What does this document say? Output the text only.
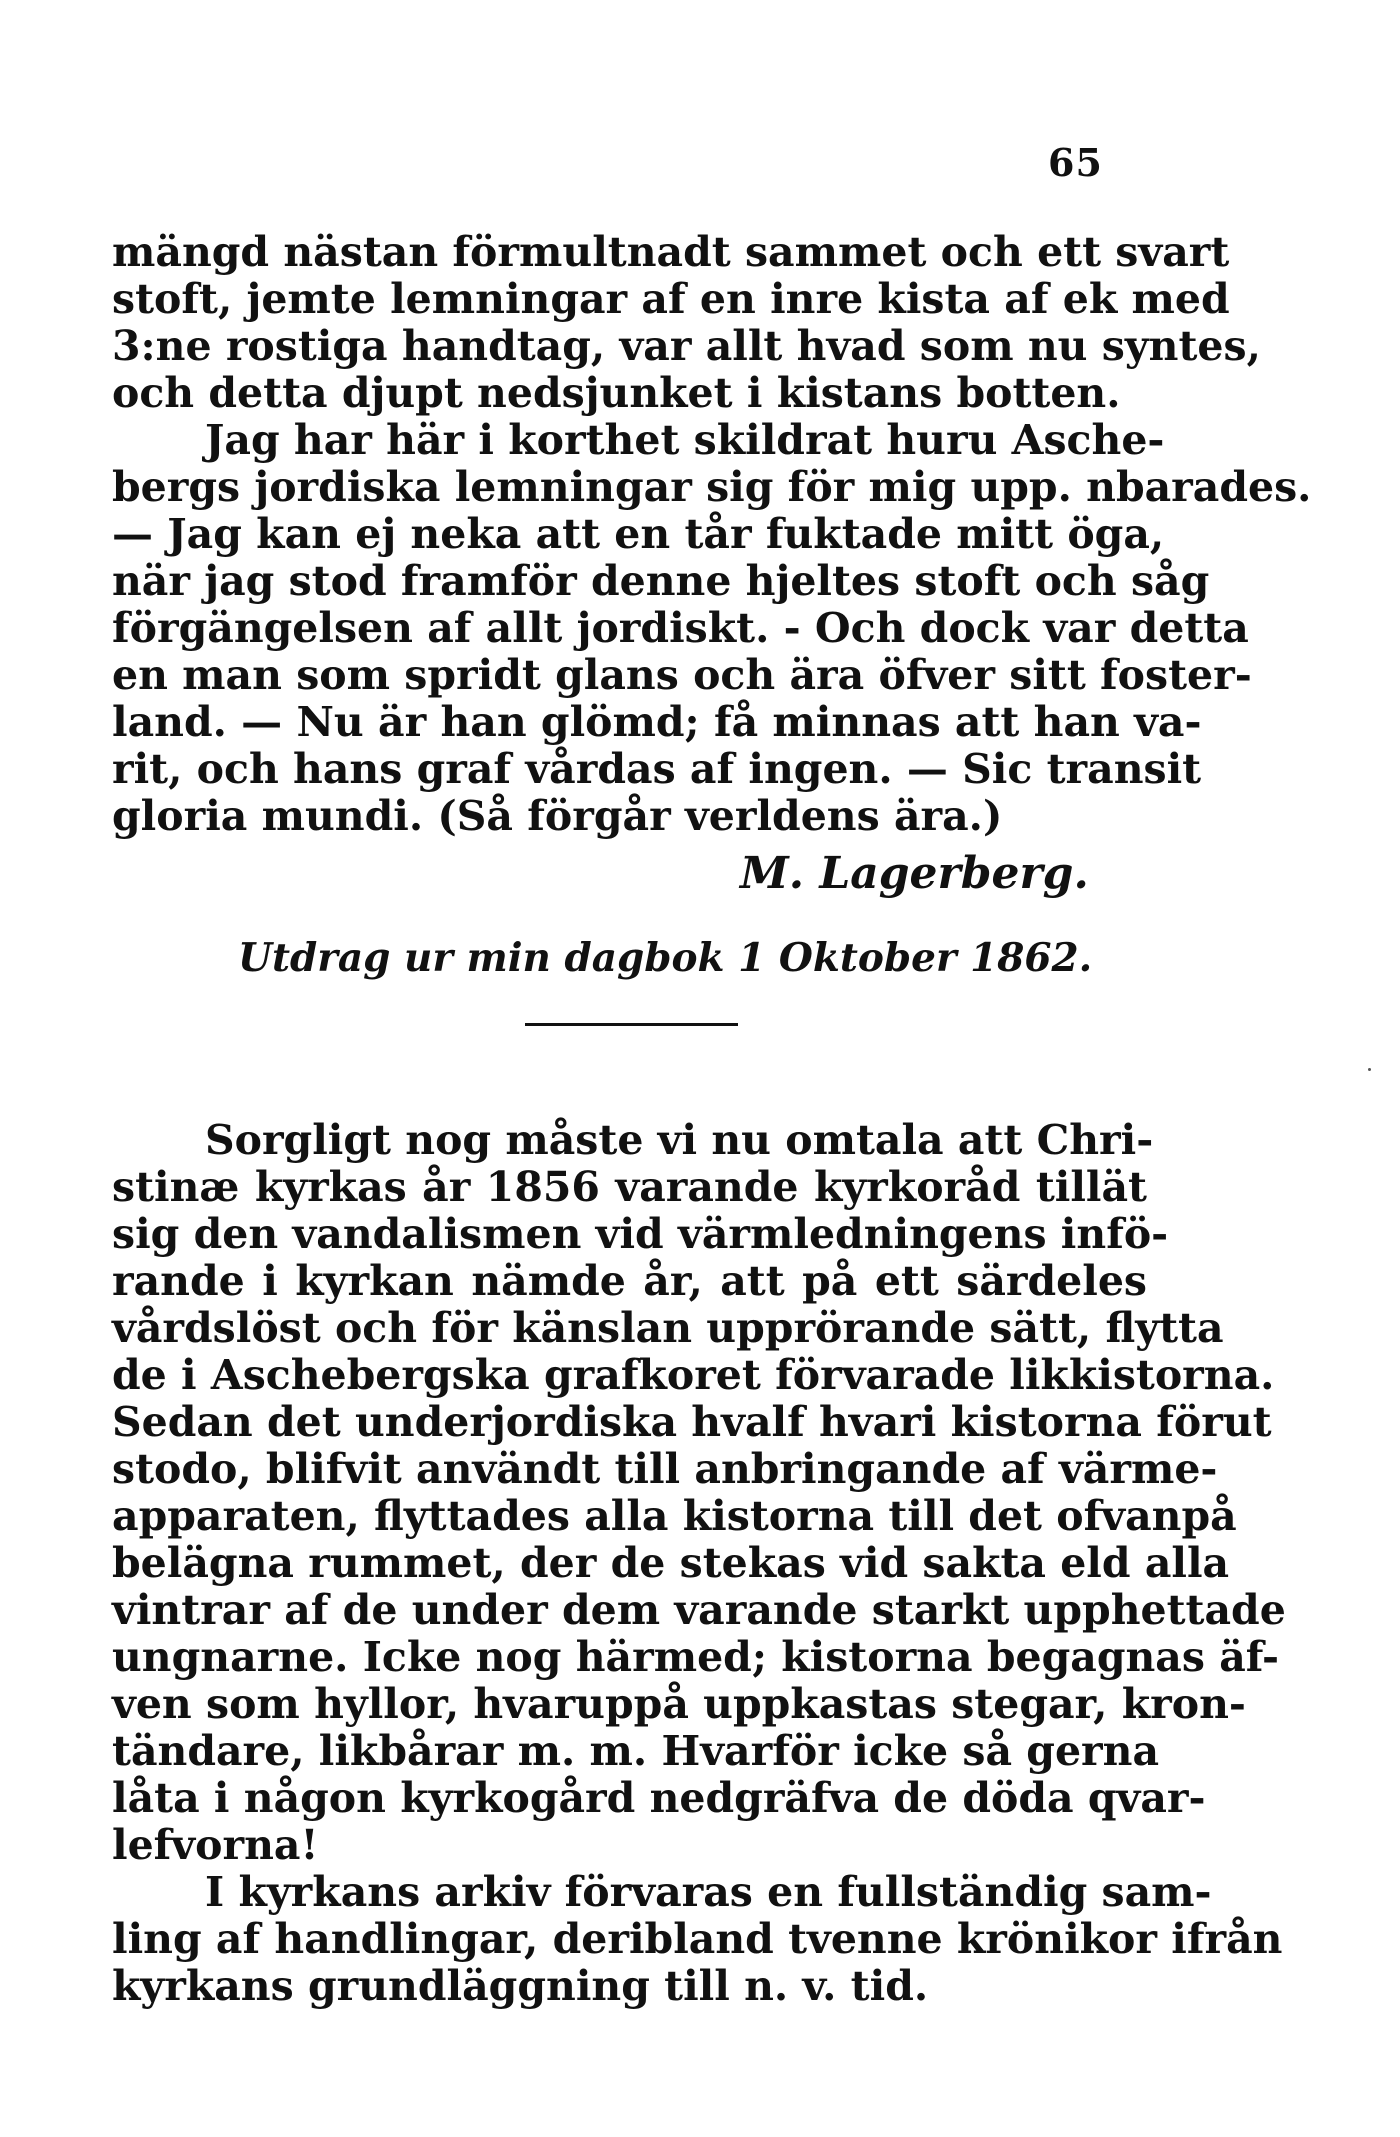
65
mängd nästan förmultnadt sammet och ett svart
stoft, jemte lemningar af en inre kista af ek med
3:ne rostiga handtag, var allt hvad som nu syntes,
och detta djupt nedsjunket i kistans botten.
Jag har här i korthet skildrat huru Asche-
bergs jordiska lemningar sig för mig upp. nbarades.
— Jag kan ej neka att en tår fuktade mitt öga,
när jag stod framför denne hjeltes stoft och såg
förgängelsen af allt jordiskt. - Och dock var detta
en man som spridt glans och ära öfver sitt foster-
land. — Nu är han glömd; få minnas att han va-
rit, och hans graf vårdas af ingen. — Sic transit
gloria mundi. (Så förgår verldens ära.)
M. Lagerberg.
Utdrag ur min dagbok 1 Oktober 1862.
Sorgligt nog måste vi nu omtala att Chri-
stinæ kyrkas år 1856 varande kyrkoråd tillät
sig den vandalismen vid värmledningens infö-
rande i kyrkan nämde år, att på ett särdeles
vårdslöst och för känslan upprörande sätt, flytta
de i Aschebergska grafkoret förvarade likkistorna.
Sedan det underjordiska hvalf hvari kistorna förut
stodo, blifvit användt till anbringande af värme-
apparaten, flyttades alla kistorna till det ofvanpå
belägna rummet, der de stekas vid sakta eld alla
vintrar af de under dem varande starkt upphettade
ungnarne. Icke nog härmed; kistorna begagnas äf-
ven som hyllor, hvaruppå uppkastas stegar, kron-
tändare, likbårar m. m. Hvarför icke så gerna
låta i någon kyrkogård nedgräfva de döda qvar-
lefvorna!
I kyrkans arkiv förvaras en fullständig sam-
ling af handlingar, deribland tvenne krönikor ifrån
kyrkans grundläggning till n. v. tid.
